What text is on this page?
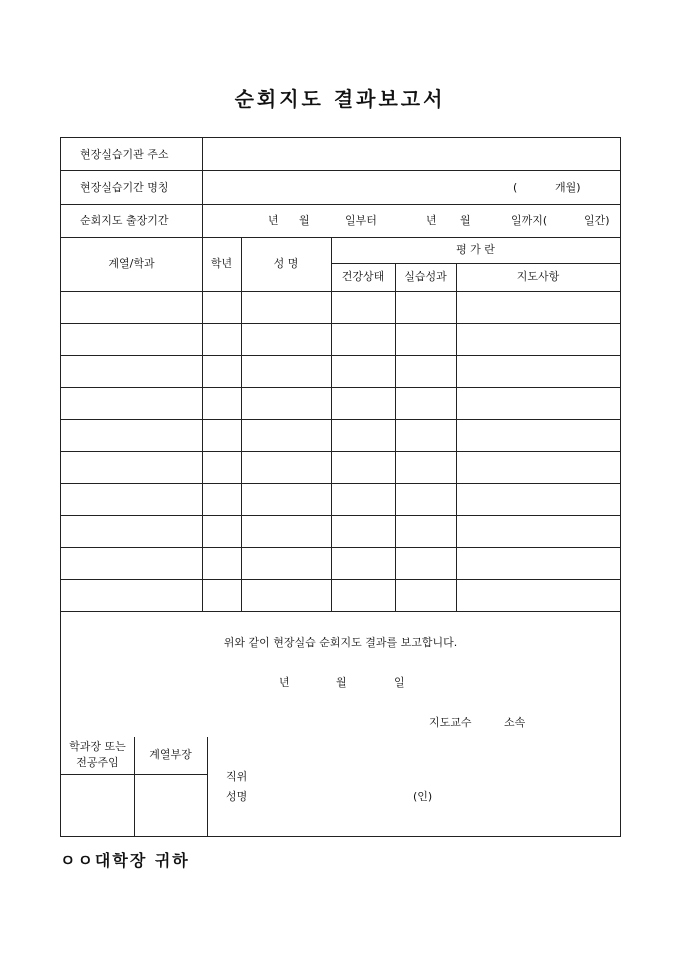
순회지도 결과보고서
현장실습기관 주소
현장실습기간 명칭	(	개월)
순회지도 출장기간	년 월	일부터	년 월	일까지(	일간)
계열/학과	학년	성 명
평 가 란
건강상태	실습성과	지도사항
위와 같이 현장실습 순회지도 결과를 보고합니다.
년	월	일
지도교수	소속
학과장 또는
전공주임
계열부장
직위
성명	(인)
ㅇㅇ대학장 귀하
